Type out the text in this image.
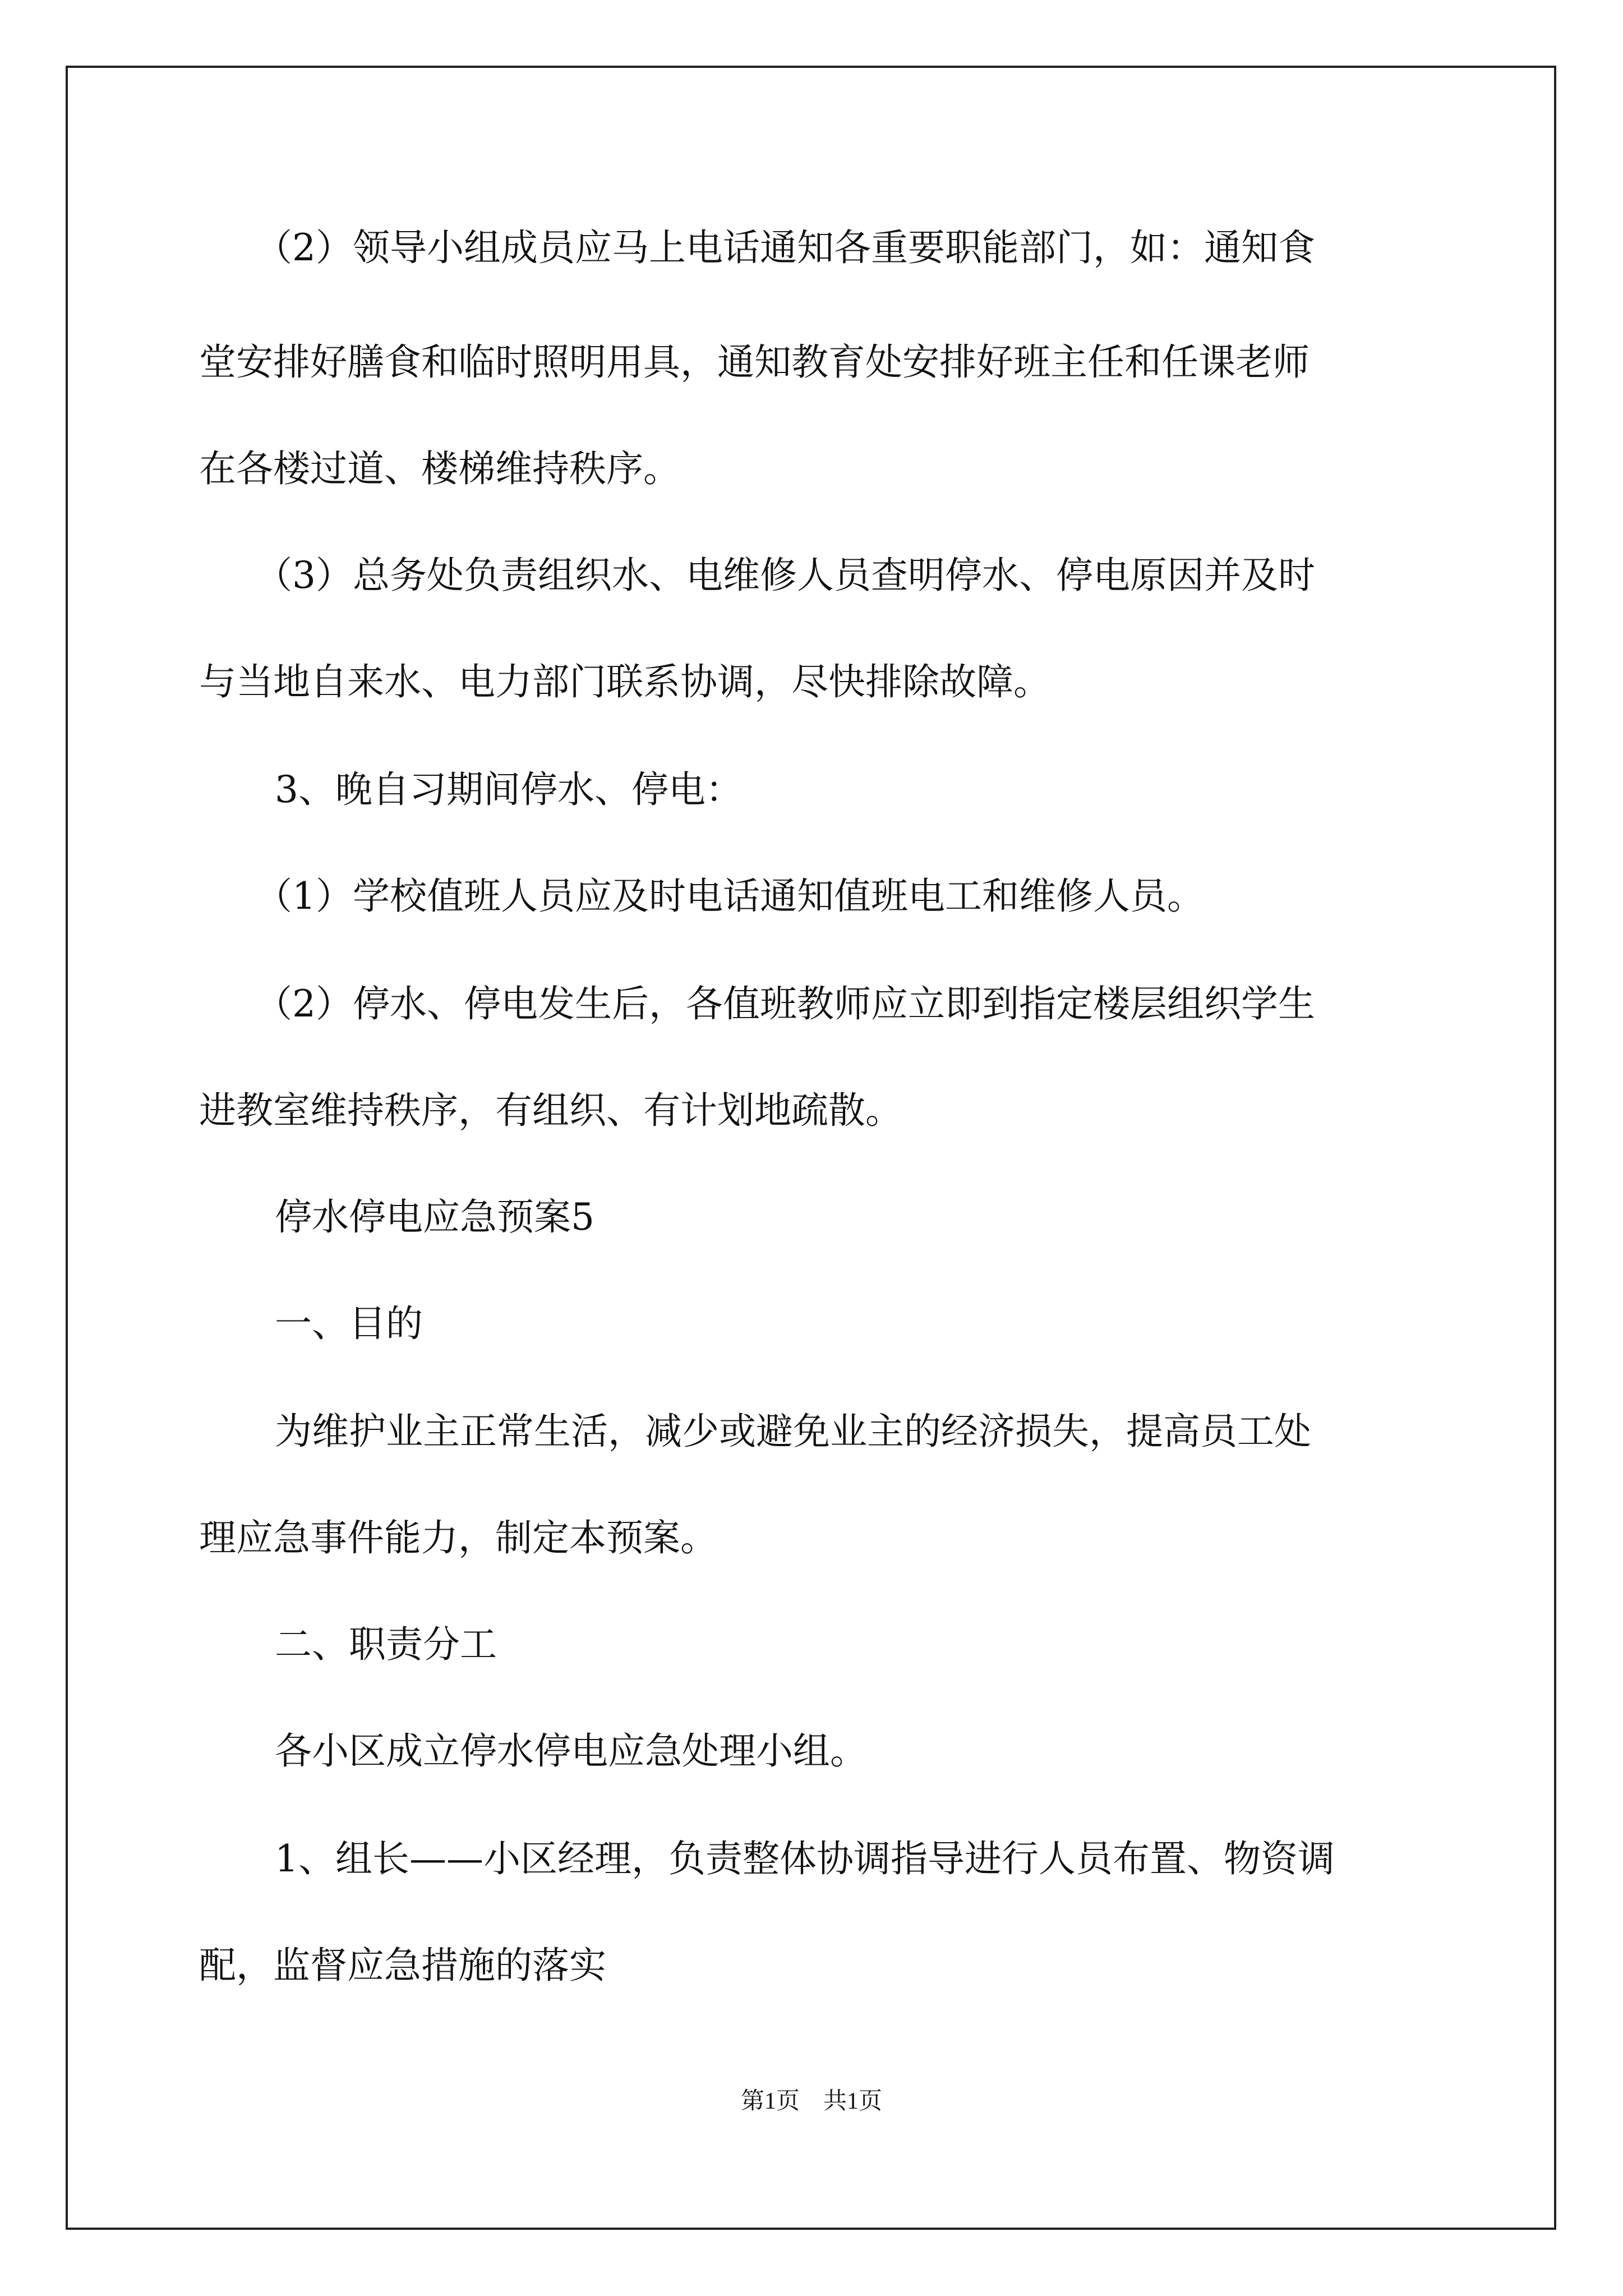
（2）领导小组成员应马上电话通知各重要职能部门，如：通知食
堂安排好膳食和临时照明用具，通知教育处安排好班主任和任课老师
在各楼过道、楼梯维持秩序。
（3）总务处负责组织水、电维修人员查明停水、停电原因并及时
与当地自来水、电力部门联系协调，尽快排除故障。
3、晚自习期间停水、停电：
（1）学校值班人员应及时电话通知值班电工和维修人员。
（2）停水、停电发生后，各值班教师应立即到指定楼层组织学生
进教室维持秩序，有组织、有计划地疏散。
停水停电应急预案5
一、目的
为维护业主正常生活，减少或避免业主的经济损失，提高员工处
理应急事件能力，制定本预案。
二、职责分工
各小区成立停水停电应急处理小组。
1、组长——小区经理，负责整体协调指导进行人员布置、物资调
配，监督应急措施的落实
第1页　共1页
